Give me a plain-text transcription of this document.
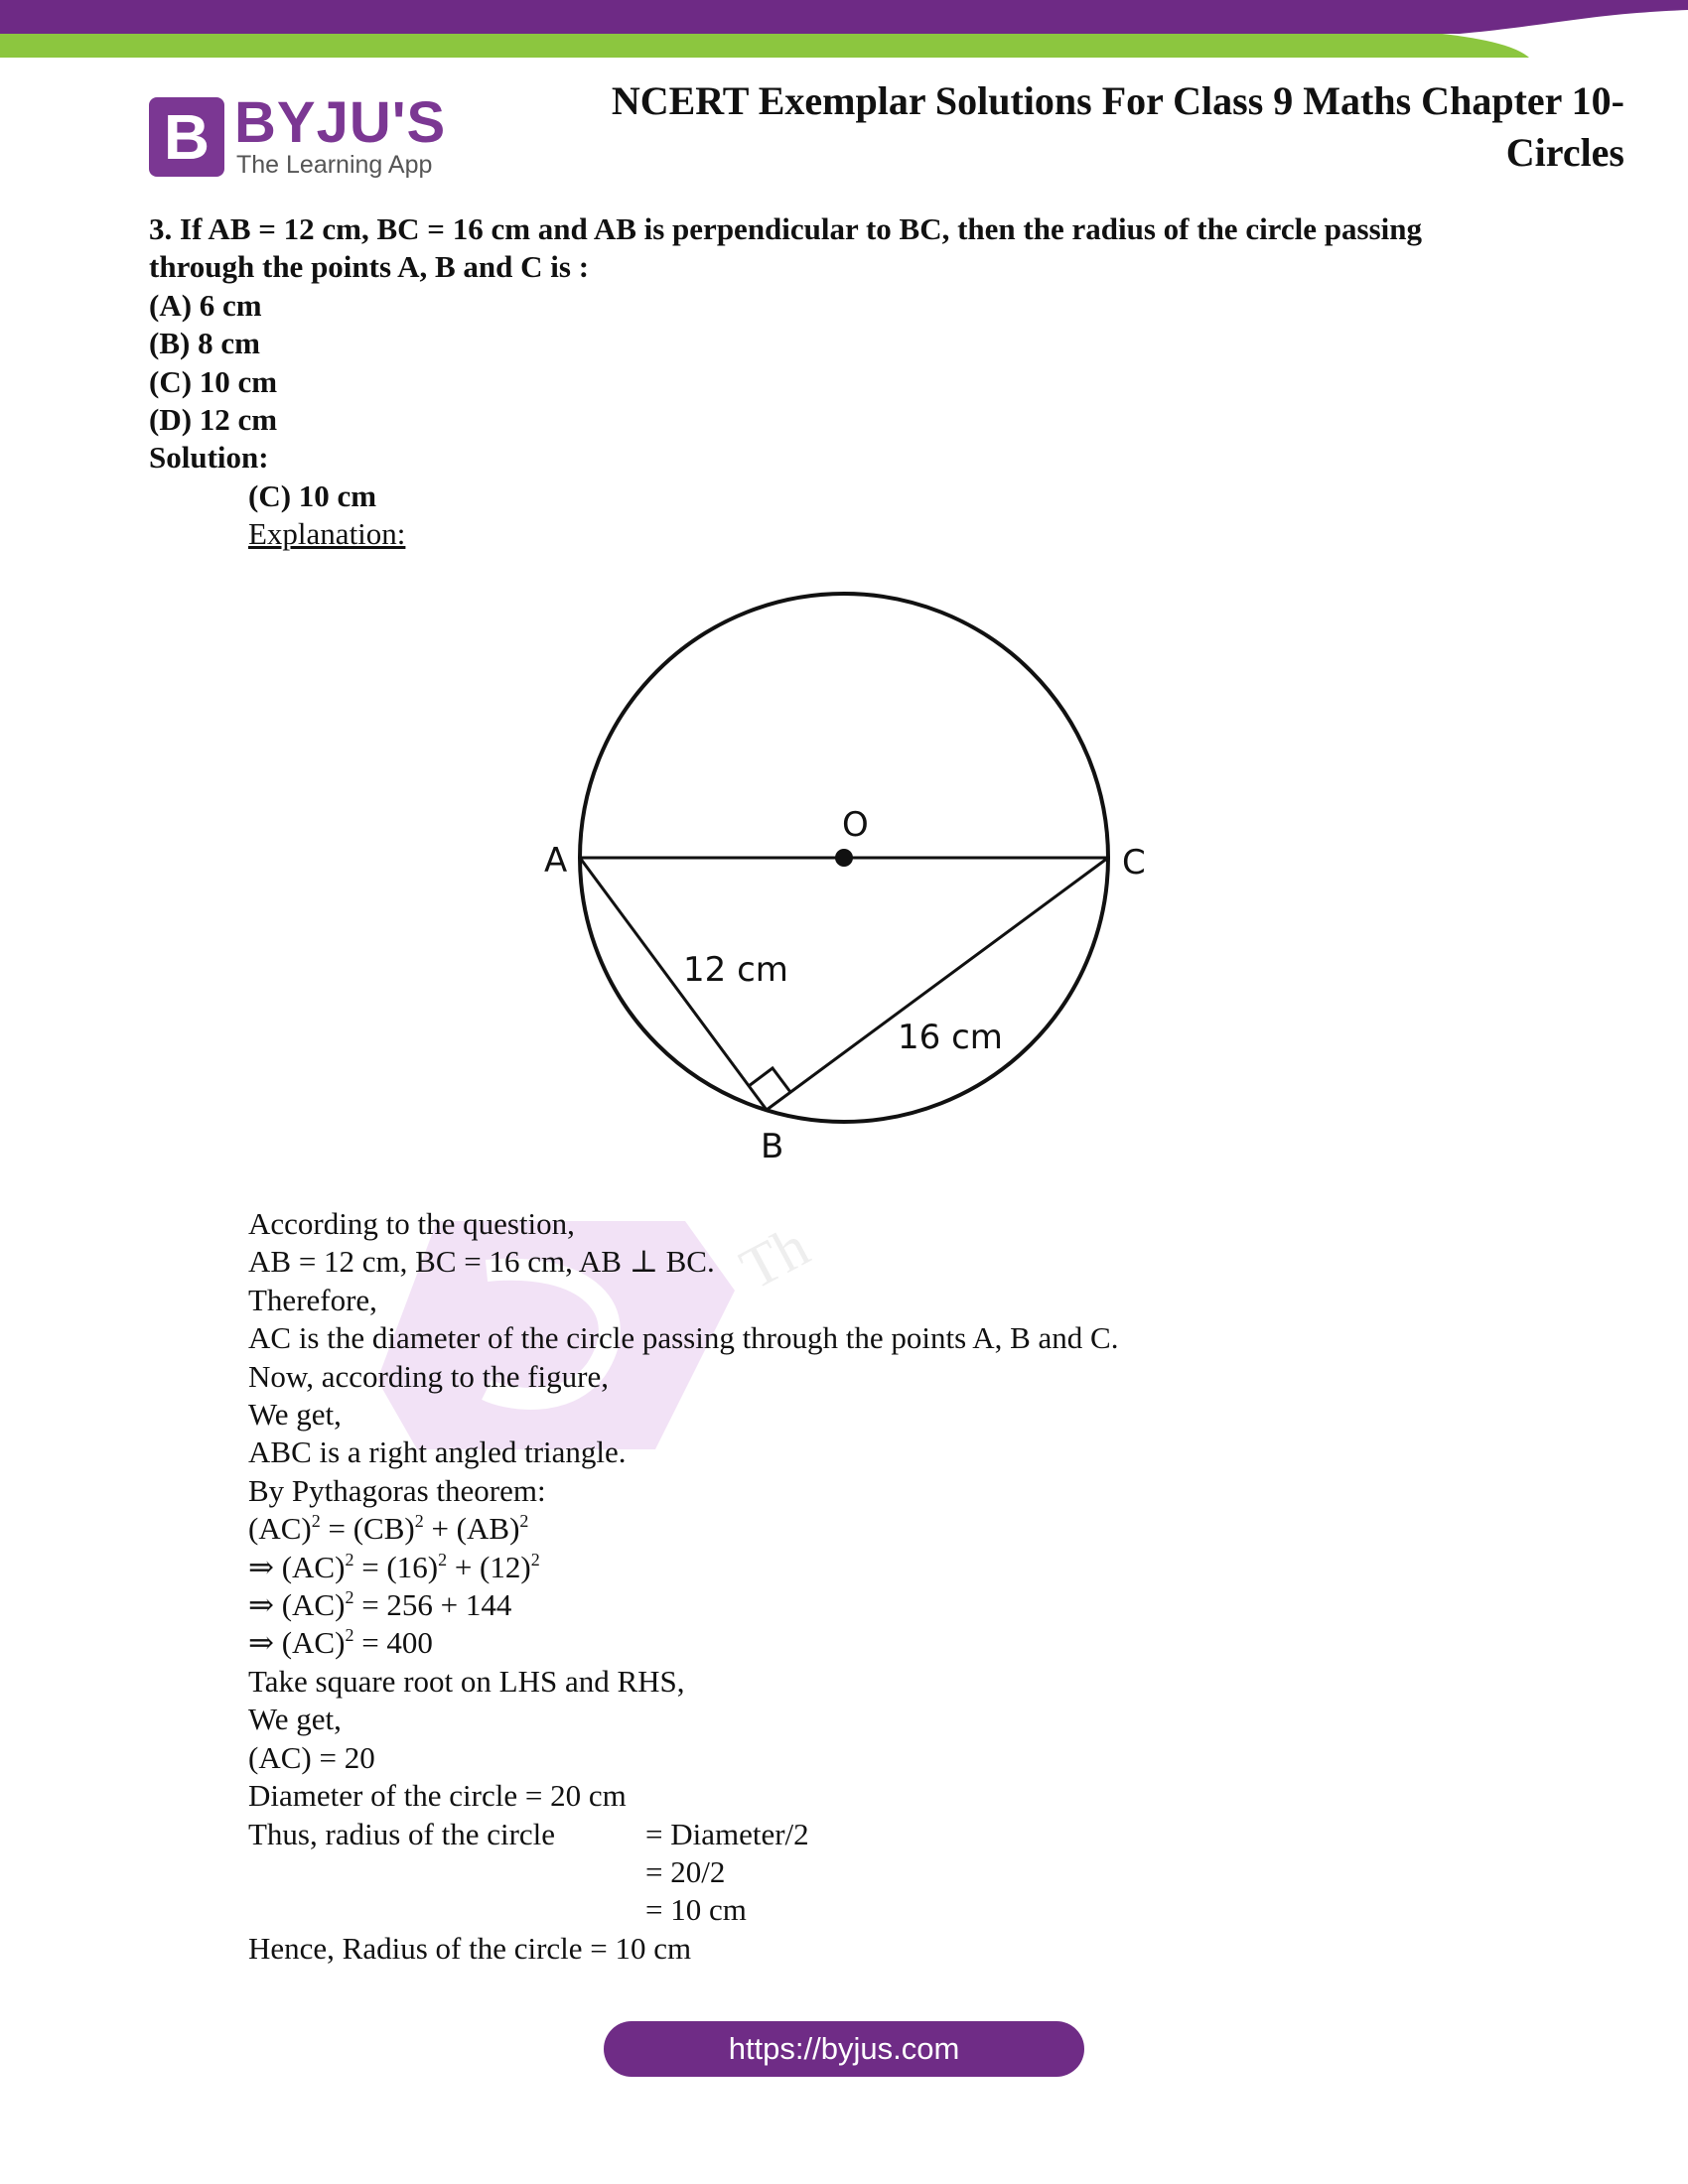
B BYJU'S
The Learning App
NCERT Exemplar Solutions For Class 9 Maths Chapter 10-
Circles
3. If AB = 12 cm, BC = 16 cm and AB is perpendicular to BC, then the radius of the circle passing
through the points A, B and C is :
(A) 6 cm
(B) 8 cm
(C) 10 cm
(D) 12 cm
Solution:
(C) 10 cm
Explanation:
A	C
O
B
12 cm
16 cm
Th
According to the question,
AB = 12 cm, BC = 16 cm, AB ⊥ BC.
Therefore,
AC is the diameter of the circle passing through the points A, B and C.
Now, according to the figure,
We get,
ABC is a right angled triangle.
By Pythagoras theorem:
(AC)$^2$ = (CB)$^2$ + (AB)$^2$
⇒ $(AC)^2 = (16)^2 + (12)^2$
⇒ (AC)$^2$ = 256 + 144
⇒ (AC)$^2$ = 400
Take square root on LHS and RHS,
We get,
(AC) = 20
Diameter of the circle = 20 cm
Thus, radius of the circle	= Diameter/2
= 20/2
= 10 cm
Hence, Radius of the circle = 10 cm
https://byjus.com
